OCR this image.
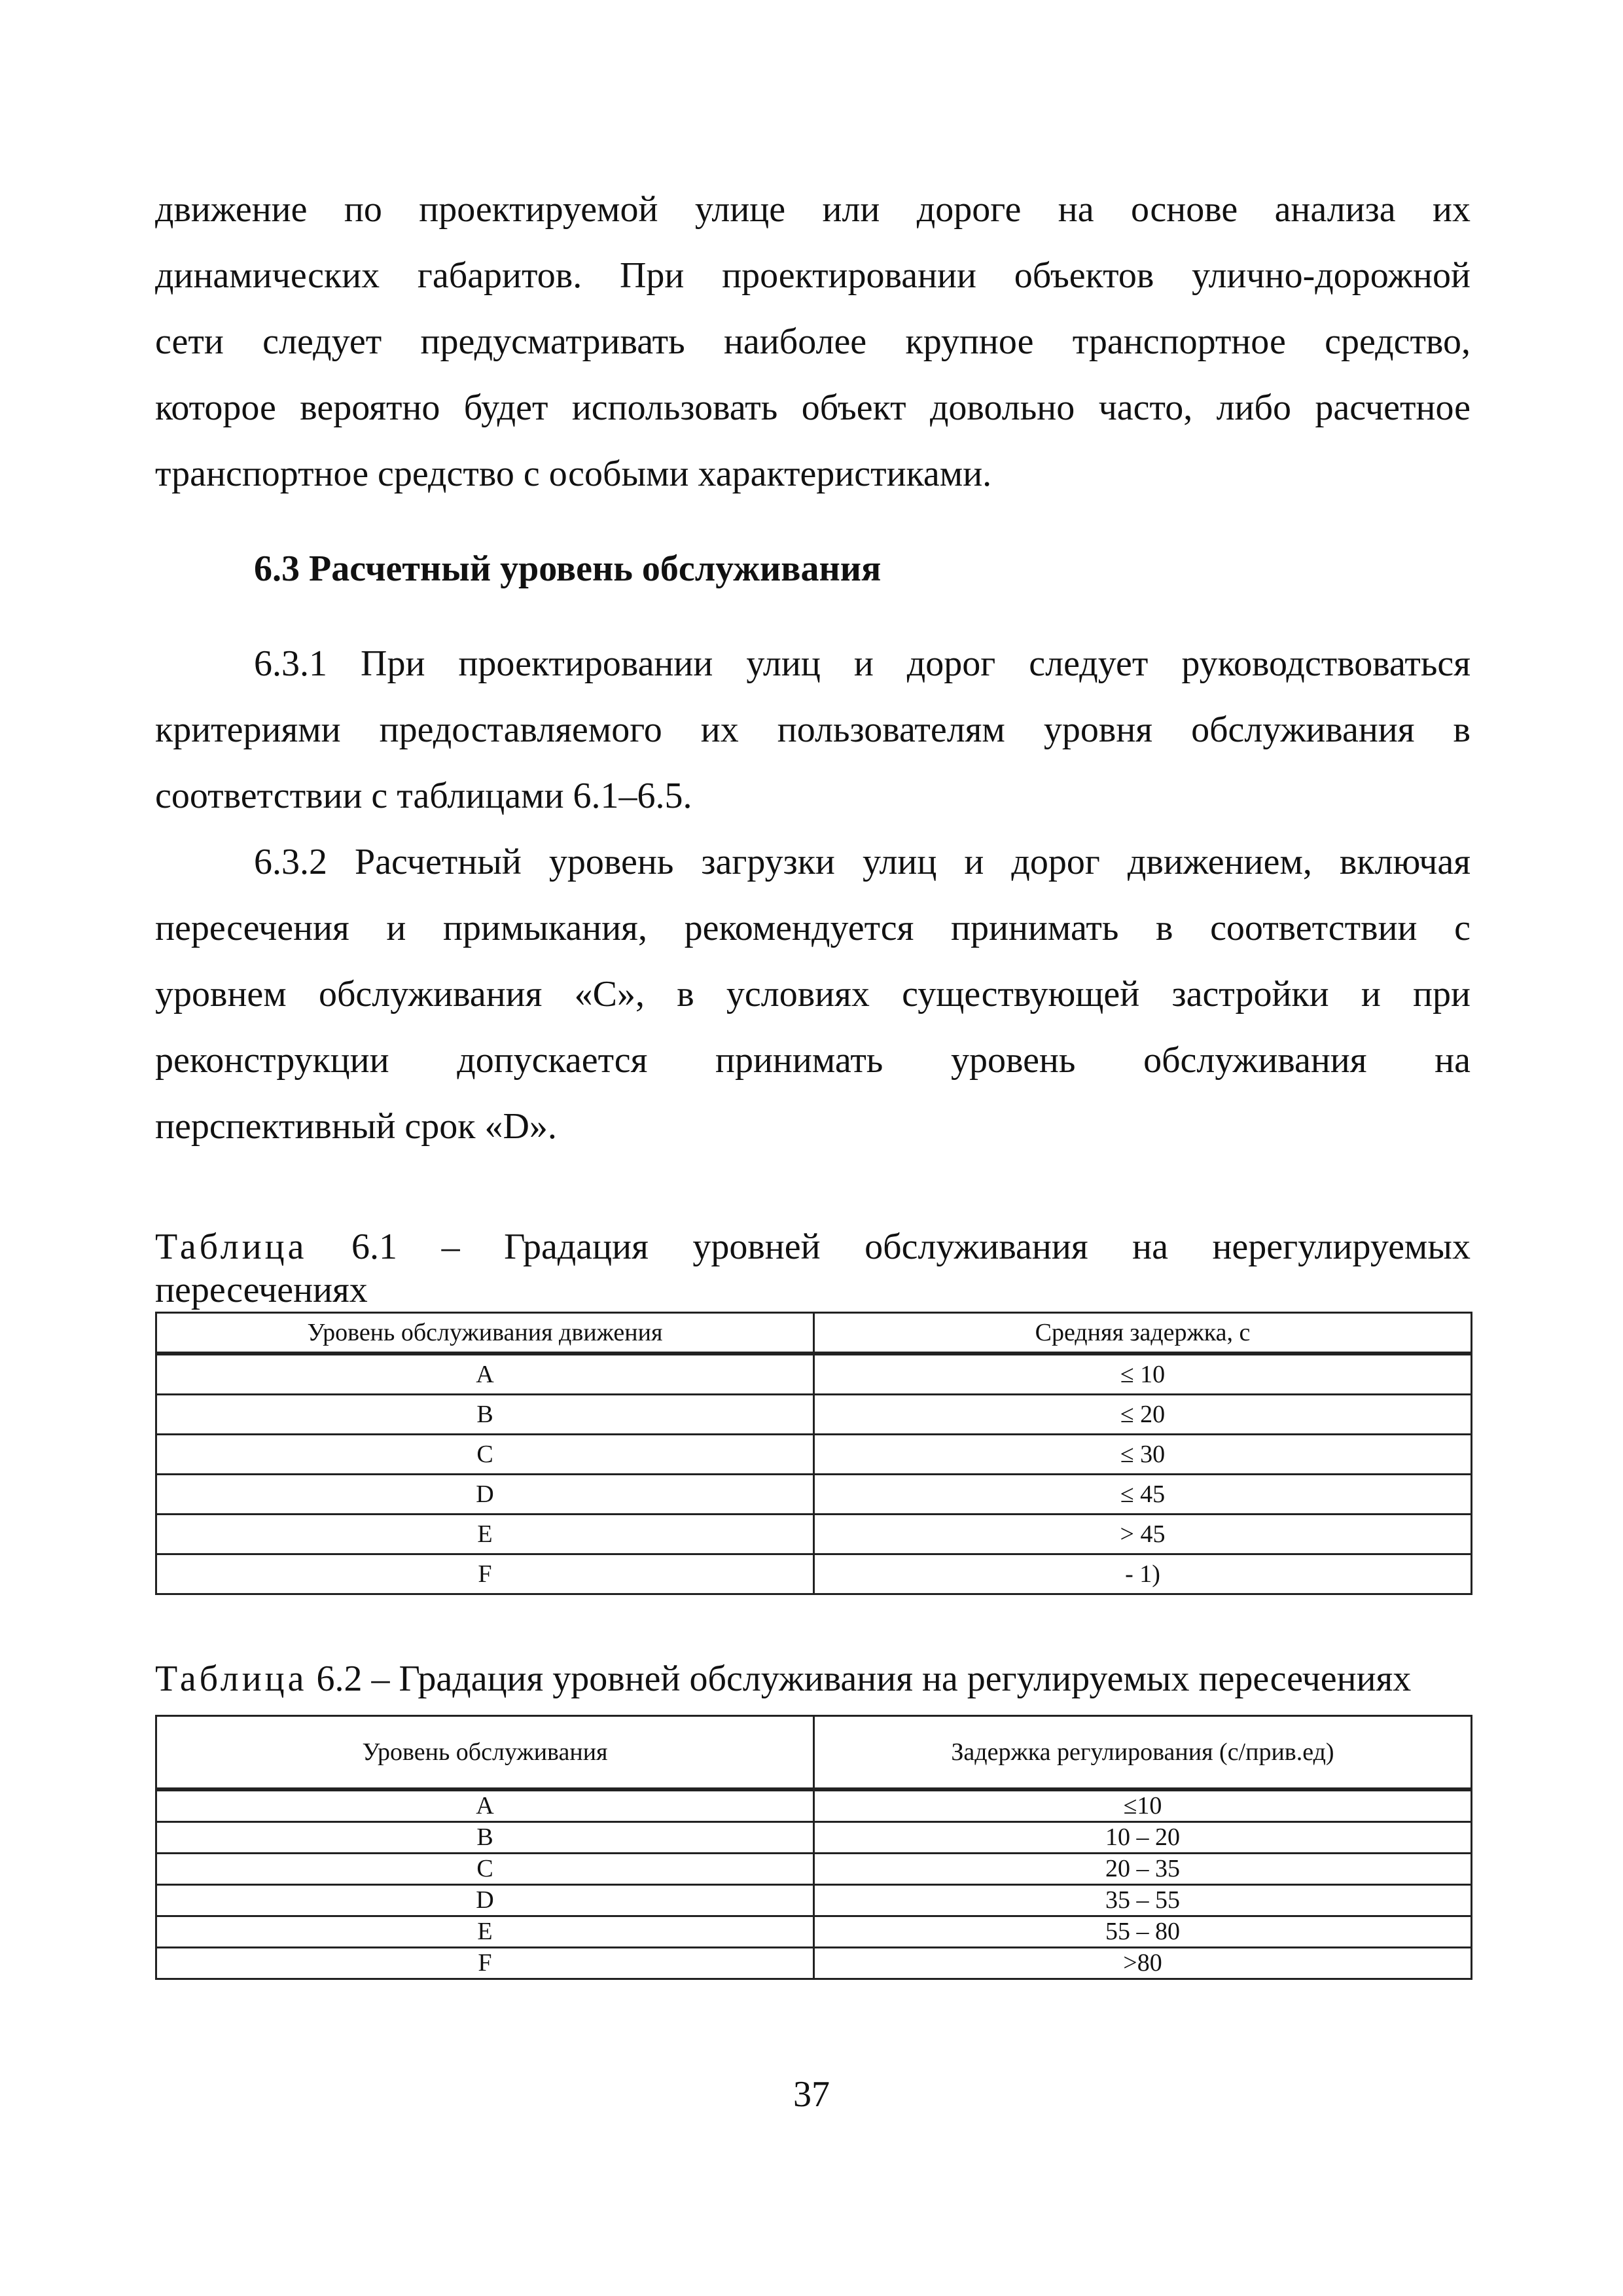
движение по проектируемой улице или дороге на основе анализа их
динамических габаритов. При проектировании объектов улично-дорожной
сети следует предусматривать наиболее крупное транспортное средство,
которое вероятно будет использовать объект довольно часто, либо расчетное
транспортное средство с особыми характеристиками.

6.3 Расчетный уровень обслуживания

6.3.1 При проектировании улиц и дорог следует руководствоваться
критериями предоставляемого их пользователям уровня обслуживания в
соответствии с таблицами 6.1–6.5.

6.3.2 Расчетный уровень загрузки улиц и дорог движением, включая
пересечения и примыкания, рекомендуется принимать в соответствии с
уровнем обслуживания «С», в условиях существующей застройки и при
реконструкции допускается принимать уровень обслуживания на
перспективный срок «D».

Таблица 6.1 – Градация уровней обслуживания на нерегулируемых
пересечениях

Уровень обслуживания движения	Средняя задержка, с
A	≤ 10
B	≤ 20
C	≤ 30
D	≤ 45
E	> 45
F	- 1)

Таблица 6.2 – Градация уровней обслуживания на регулируемых пересечениях

Уровень обслуживания	Задержка регулирования (с/прив.ед)
A	≤10
B	10 – 20
C	20 – 35
D	35 – 55
E	55 – 80
F	>80
37
